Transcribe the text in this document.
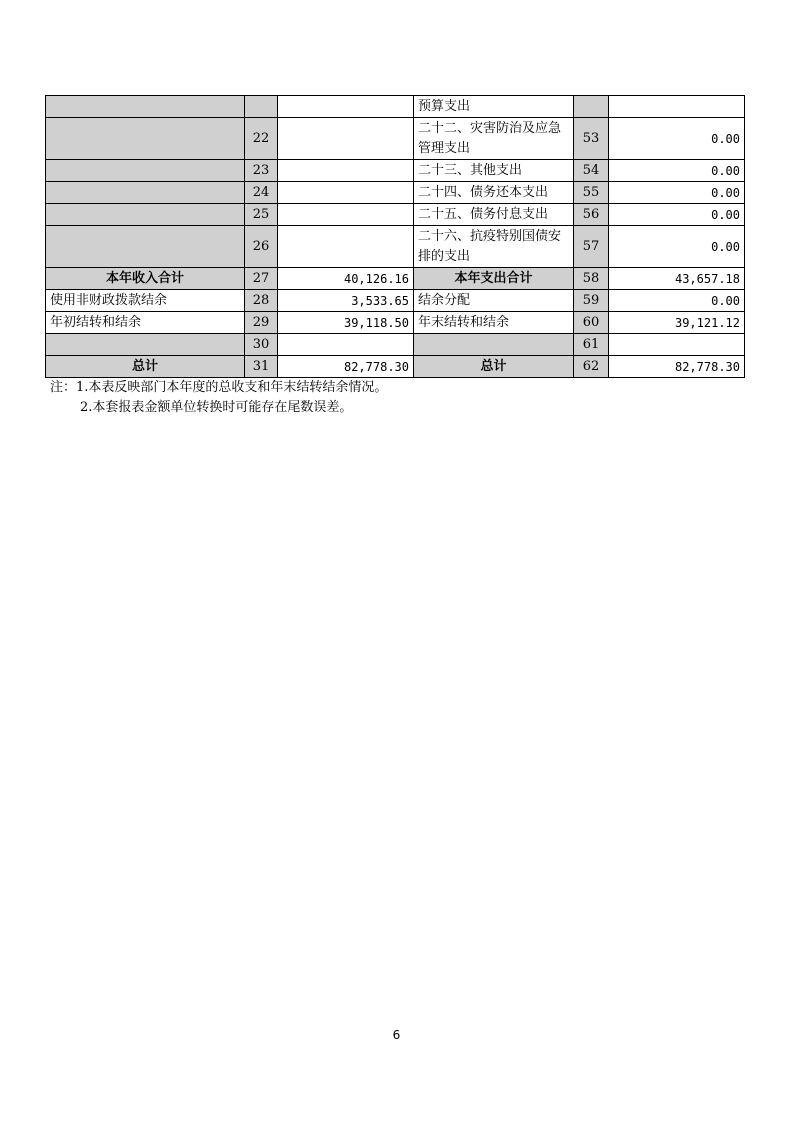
			预算支出		
	22		二十二、灾害防治及应急管理支出	53	0.00
	23		二十三、其他支出	54	0.00
	24		二十四、债务还本支出	55	0.00
	25		二十五、债务付息支出	56	0.00
	26		二十六、抗疫特别国债安排的支出	57	0.00
本年收入合计	27	40,126.16	本年支出合计	58	43,657.18
使用非财政拨款结余	28	3,533.65	结余分配	59	0.00
年初结转和结余	29	39,118.50	年末结转和结余	60	39,121.12
	30			61	
总计	31	82,778.30	总计	62	82,778.30
注：1.本表反映部门本年度的总收支和年末结转结余情况。
2.本套报表金额单位转换时可能存在尾数误差。
6
